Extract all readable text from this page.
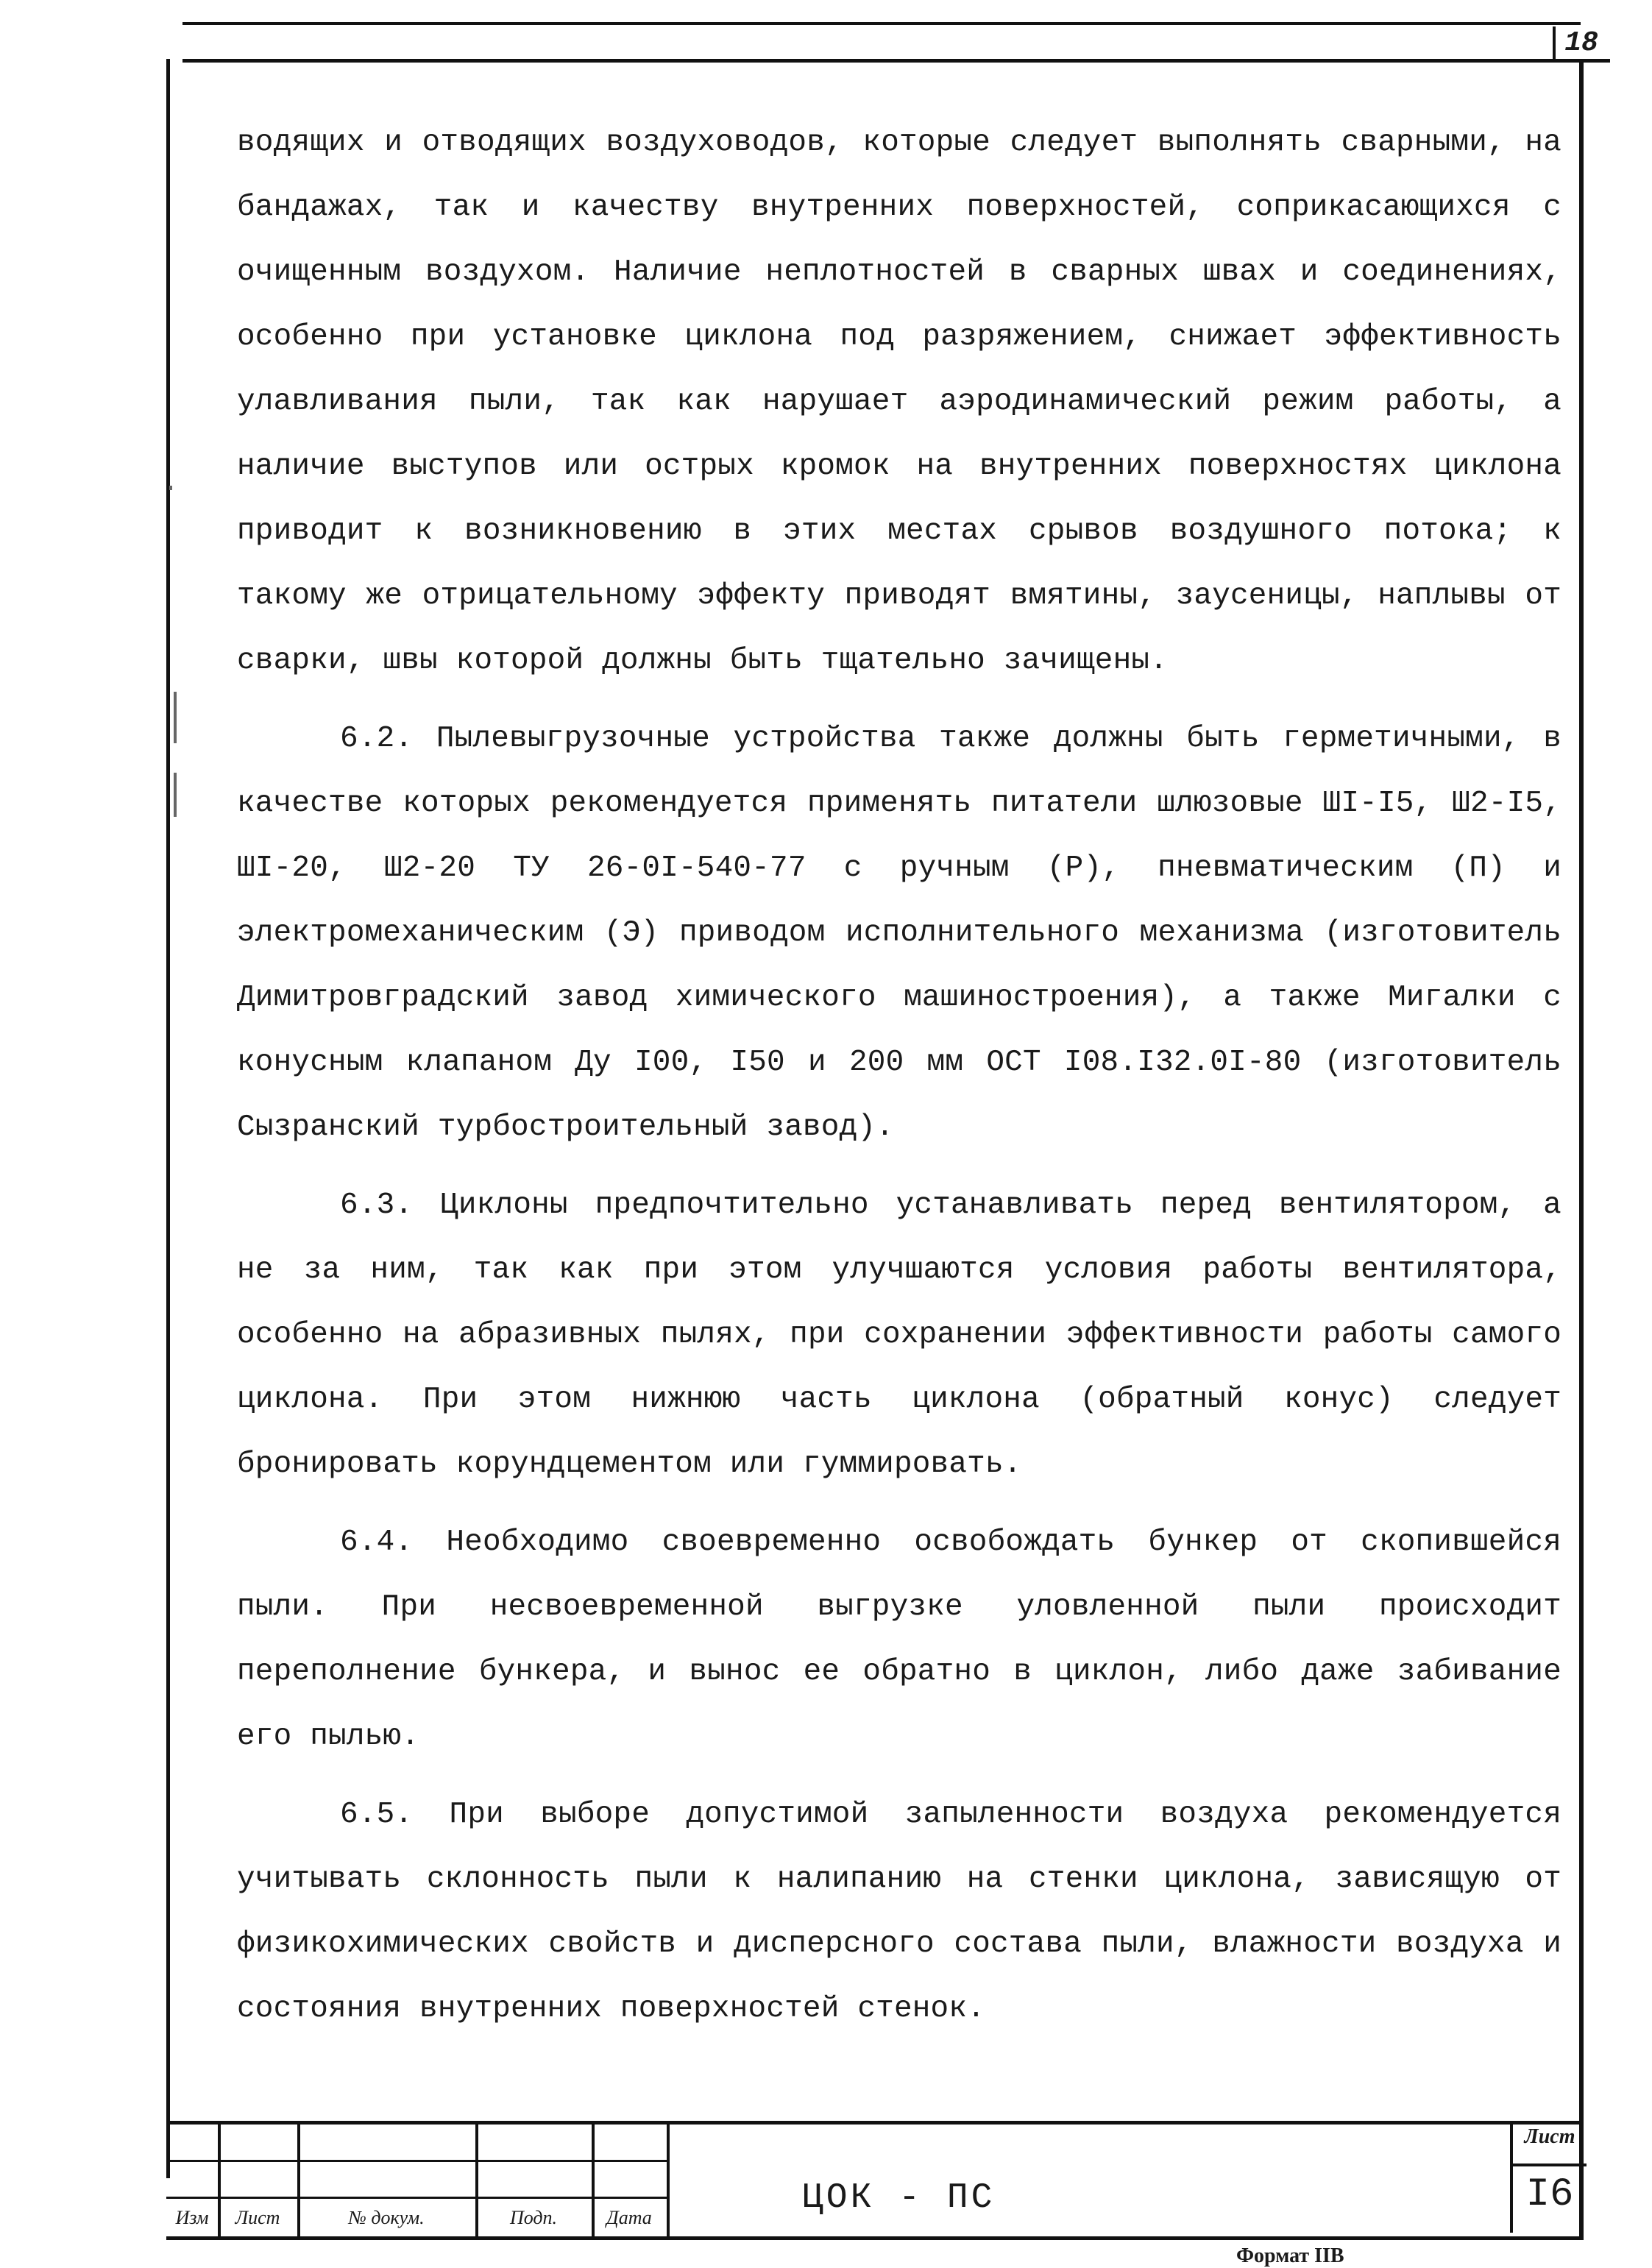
18

водящих и отводящих воздуховодов, которые следует выполнять сварными, на бандажах, так и качеству внутренних поверхностей, соприкасающихся с очищенным воздухом. Наличие неплотностей в сварных швах и соединениях, особенно при установке циклона под разряжением, снижает эффективность улавливания пыли, так как нарушает аэродинамический режим работы, а наличие выступов или острых кромок на внутренних поверхностях циклона приводит к возникновению в этих местах срывов воздушного потока; к такому же отрицательному эффекту приводят вмятины, заусеницы, наплывы от сварки, швы которой должны быть тщательно зачищены.

6.2. Пылевыгрузочные устройства также должны быть герметичными, в качестве которых рекомендуется применять питатели шлюзовые ШI-I5, Ш2-I5, ШI-20, Ш2-20 ТУ 26-0I-540-77 с ручным (Р), пневматическим (П) и электромеханическим (Э) приводом исполнительного механизма (изготовитель Димитровградский завод химического машиностроения), а также Мигалки с конусным клапаном Ду I00, I50 и 200 мм ОСТ I08.I32.0I-80 (изготовитель Сызранский турбостроительный завод).

6.3. Циклоны предпочтительно устанавливать перед вентилятором, а не за ним, так как при этом улучшаются условия работы вентилятора, особенно на абразивных пылях, при сохранении эффективности работы самого циклона. При этом нижнюю часть циклона (обратный конус) следует бронировать корундцементом или гуммировать.

6.4. Необходимо своевременно освобождать бункер от скопившейся пыли. При несвоевременной выгрузке уловленной пыли происходит переполнение бункера, и вынос ее обратно в циклон, либо даже забивание его пылью.

6.5. При выборе допустимой запыленности воздуха рекомендуется учитывать склонность пыли к налипанию на стенки циклона, зависящую от физикохимических свойств и дисперсного состава пыли, влажности воздуха и состояния внутренних поверхностей стенок.

Изм	Лист	№ докум.	Подп.	Дата	ЦОК - ПС
Лист
I6
Формат IIВ
